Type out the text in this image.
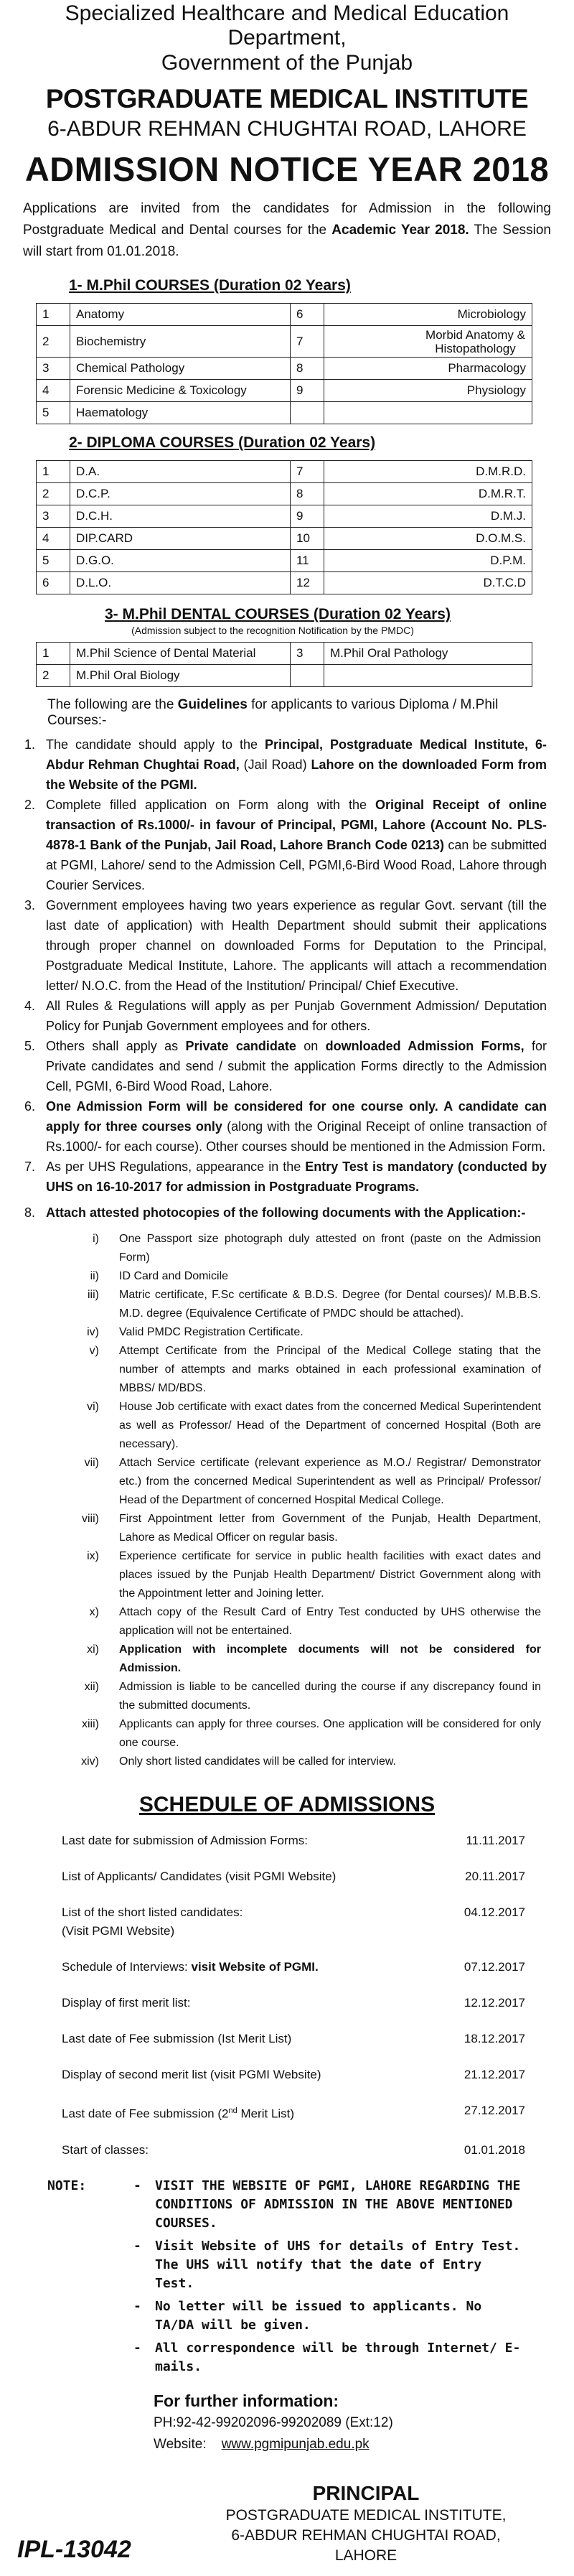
Specialized Healthcare and Medical Education Department,
Government of the Punjab
POSTGRADUATE MEDICAL INSTITUTE
6-ABDUR REHMAN CHUGHTAI ROAD, LAHORE
ADMISSION NOTICE YEAR 2018
Applications are invited from the candidates for Admission in the following Postgraduate Medical and Dental courses for the Academic Year 2018. The Session will start from 01.01.2018.
1- M.Phil COURSES (Duration 02 Years)
1	Anatomy	6	Microbiology
2	Biochemistry	7	Morbid Anatomy & Histopathology
3	Chemical Pathology	8	Pharmacology
4	Forensic Medicine & Toxicology	9	Physiology
5	Haematology		
2- DIPLOMA COURSES (Duration 02 Years)
1	D.A.	7	D.M.R.D.
2	D.C.P.	8	D.M.R.T.
3	D.C.H.	9	D.M.J.
4	DIP.CARD	10	D.O.M.S.
5	D.G.O.	11	D.P.M.
6	D.L.O.	12	D.T.C.D
3- M.Phil DENTAL COURSES (Duration 02 Years)
(Admission subject to the recognition Notification by the PMDC)
1	M.Phil Science of Dental Material	3	M.Phil Oral Pathology
2	M.Phil Oral Biology		
The following are the Guidelines for applicants to various Diploma / M.Phil Courses:-
1. The candidate should apply to the Principal, Postgraduate Medical Institute, 6-Abdur Rehman Chughtai Road, (Jail Road) Lahore on the downloaded Form from the Website of the PGMI.
2. Complete filled application on Form along with the Original Receipt of online transaction of Rs.1000/- in favour of Principal, PGMI, Lahore (Account No. PLS-4878-1 Bank of the Punjab, Jail Road, Lahore Branch Code 0213) can be submitted at PGMI, Lahore/ send to the Admission Cell, PGMI,6-Bird Wood Road, Lahore through Courier Services.
3. Government employees having two years experience as regular Govt. servant (till the last date of application) with Health Department should submit their applications through proper channel on downloaded Forms for Deputation to the Principal, Postgraduate Medical Institute, Lahore. The applicants will attach a recommendation letter/ N.O.C. from the Head of the Institution/ Principal/ Chief Executive.
4. All Rules & Regulations will apply as per Punjab Government Admission/ Deputation Policy for Punjab Government employees and for others.
5. Others shall apply as Private candidate on downloaded Admission Forms, for Private candidates and send / submit the application Forms directly to the Admission Cell, PGMI, 6-Bird Wood Road, Lahore.
6. One Admission Form will be considered for one course only. A candidate can apply for three courses only (along with the Original Receipt of online transaction of Rs.1000/- for each course). Other courses should be mentioned in the Admission Form.
7. As per UHS Regulations, appearance in the Entry Test is mandatory (conducted by UHS on 16-10-2017 for admission in Postgraduate Programs.
8. Attach attested photocopies of the following documents with the Application:-
i)	One Passport size photograph duly attested on front (paste on the Admission Form)
ii)	ID Card and Domicile
iii)	Matric certificate, F.Sc certificate & B.D.S. Degree (for Dental courses)/ M.B.B.S. M.D. degree (Equivalence Certificate of PMDC should be attached).
iv)	Valid PMDC Registration Certificate.
v)	Attempt Certificate from the Principal of the Medical College stating that the number of attempts and marks obtained in each professional examination of MBBS/ MD/BDS.
vi)	House Job certificate with exact dates from the concerned Medical Superintendent as well as Professor/ Head of the Department of concerned Hospital (Both are necessary).
vii)	Attach Service certificate (relevant experience as M.O./ Registrar/ Demonstrator etc.) from the concerned Medical Superintendent as well as Principal/ Professor/ Head of the Department of concerned Hospital Medical College.
viii)	First Appointment letter from Government of the Punjab, Health Department, Lahore as Medical Officer on regular basis.
ix)	Experience certificate for service in public health facilities with exact dates and places issued by the Punjab Health Department/ District Government along with the Appointment letter and Joining letter.
x)	Attach copy of the Result Card of Entry Test conducted by UHS otherwise the application will not be entertained.
xi)	Application with incomplete documents will not be considered for Admission.
xii)	Admission is liable to be cancelled during the course if any discrepancy found in the submitted documents.
xiii)	Applicants can apply for three courses. One application will be considered for only one course.
xiv)	Only short listed candidates will be called for interview.
SCHEDULE OF ADMISSIONS
Last date for submission of Admission Forms:	11.11.2017
List of Applicants/ Candidates (visit PGMI Website)	20.11.2017
List of the short listed candidates:
(Visit PGMI Website)
04.12.2017
Schedule of Interviews: visit Website of PGMI.	07.12.2017
Display of first merit list:	12.12.2017
Last date of Fee submission (Ist Merit List)	18.12.2017
Display of second merit list (visit PGMI Website)	21.12.2017
Last date of Fee submission (2nd Merit List)	27.12.2017
Start of classes:	01.01.2018
NOTE:	-	VISIT THE WEBSITE OF PGMI, LAHORE REGARDING THE CONDITIONS OF ADMISSION IN THE ABOVE MENTIONED COURSES.
-	Visit Website of UHS for details of Entry Test. The UHS will notify that the date of Entry Test.
-	No letter will be issued to applicants. No TA/DA will be given.
-	All correspondence will be through Internet/ E-mails.
For further information:
PH:92-42-99202096-99202089 (Ext:12)
Website: www.pgmipunjab.edu.pk
PRINCIPAL
POSTGRADUATE MEDICAL INSTITUTE,
6-ABDUR REHMAN CHUGHTAI ROAD,
LAHORE
IPL-13042
